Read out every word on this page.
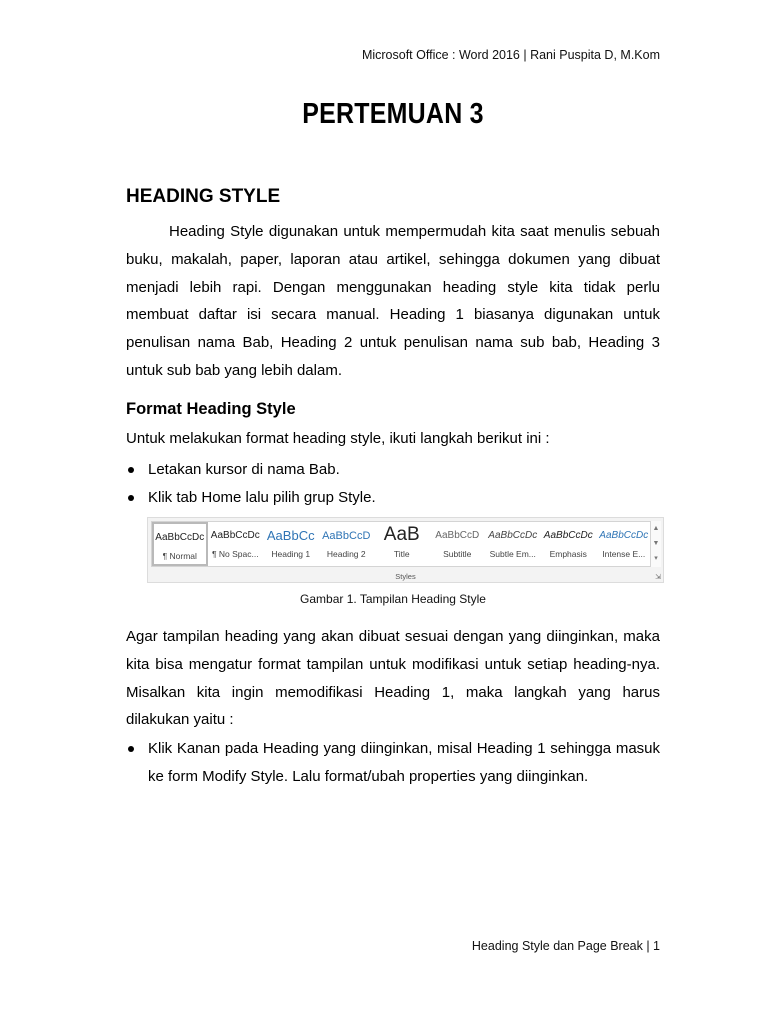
Microsoft Office : Word 2016 | Rani Puspita D, M.Kom
PERTEMUAN 3
HEADING STYLE

Heading Style digunakan untuk mempermudah kita saat menulis sebuah buku, makalah, paper, laporan atau artikel, sehingga dokumen yang dibuat menjadi lebih rapi. Dengan menggunakan heading style kita tidak perlu membuat daftar isi secara manual. Heading 1 biasanya digunakan untuk penulisan nama Bab, Heading 2 untuk penulisan nama sub bab, Heading 3 untuk sub bab yang lebih dalam.

Format Heading Style

Untuk melakukan format heading style, ikuti langkah berikut ini :

Letakan kursor di nama Bab.
Klik tab Home lalu pilih grup Style.
AaBbCcDc
¶ Normal
AaBbCcDc
¶ No Spac...
AaBbCc
Heading 1
AaBbCcD
Heading 2
AaB
Title
AaBbCcD
Subtitle
AaBbCcDc
Subtle Em...
AaBbCcDc
Emphasis
AaBbCcDc
Intense E...
▲
▼
▾
Styles	⇲
Gambar 1. Tampilan Heading Style

Agar tampilan heading yang akan dibuat sesuai dengan yang diinginkan, maka kita bisa mengatur format tampilan untuk modifikasi untuk setiap heading-nya. Misalkan kita ingin memodifikasi Heading 1, maka langkah yang harus dilakukan yaitu :

Klik Kanan pada Heading yang diinginkan, misal Heading 1 sehingga masuk ke form Modify Style. Lalu format/ubah properties yang diinginkan.
Heading Style dan Page Break | 1
